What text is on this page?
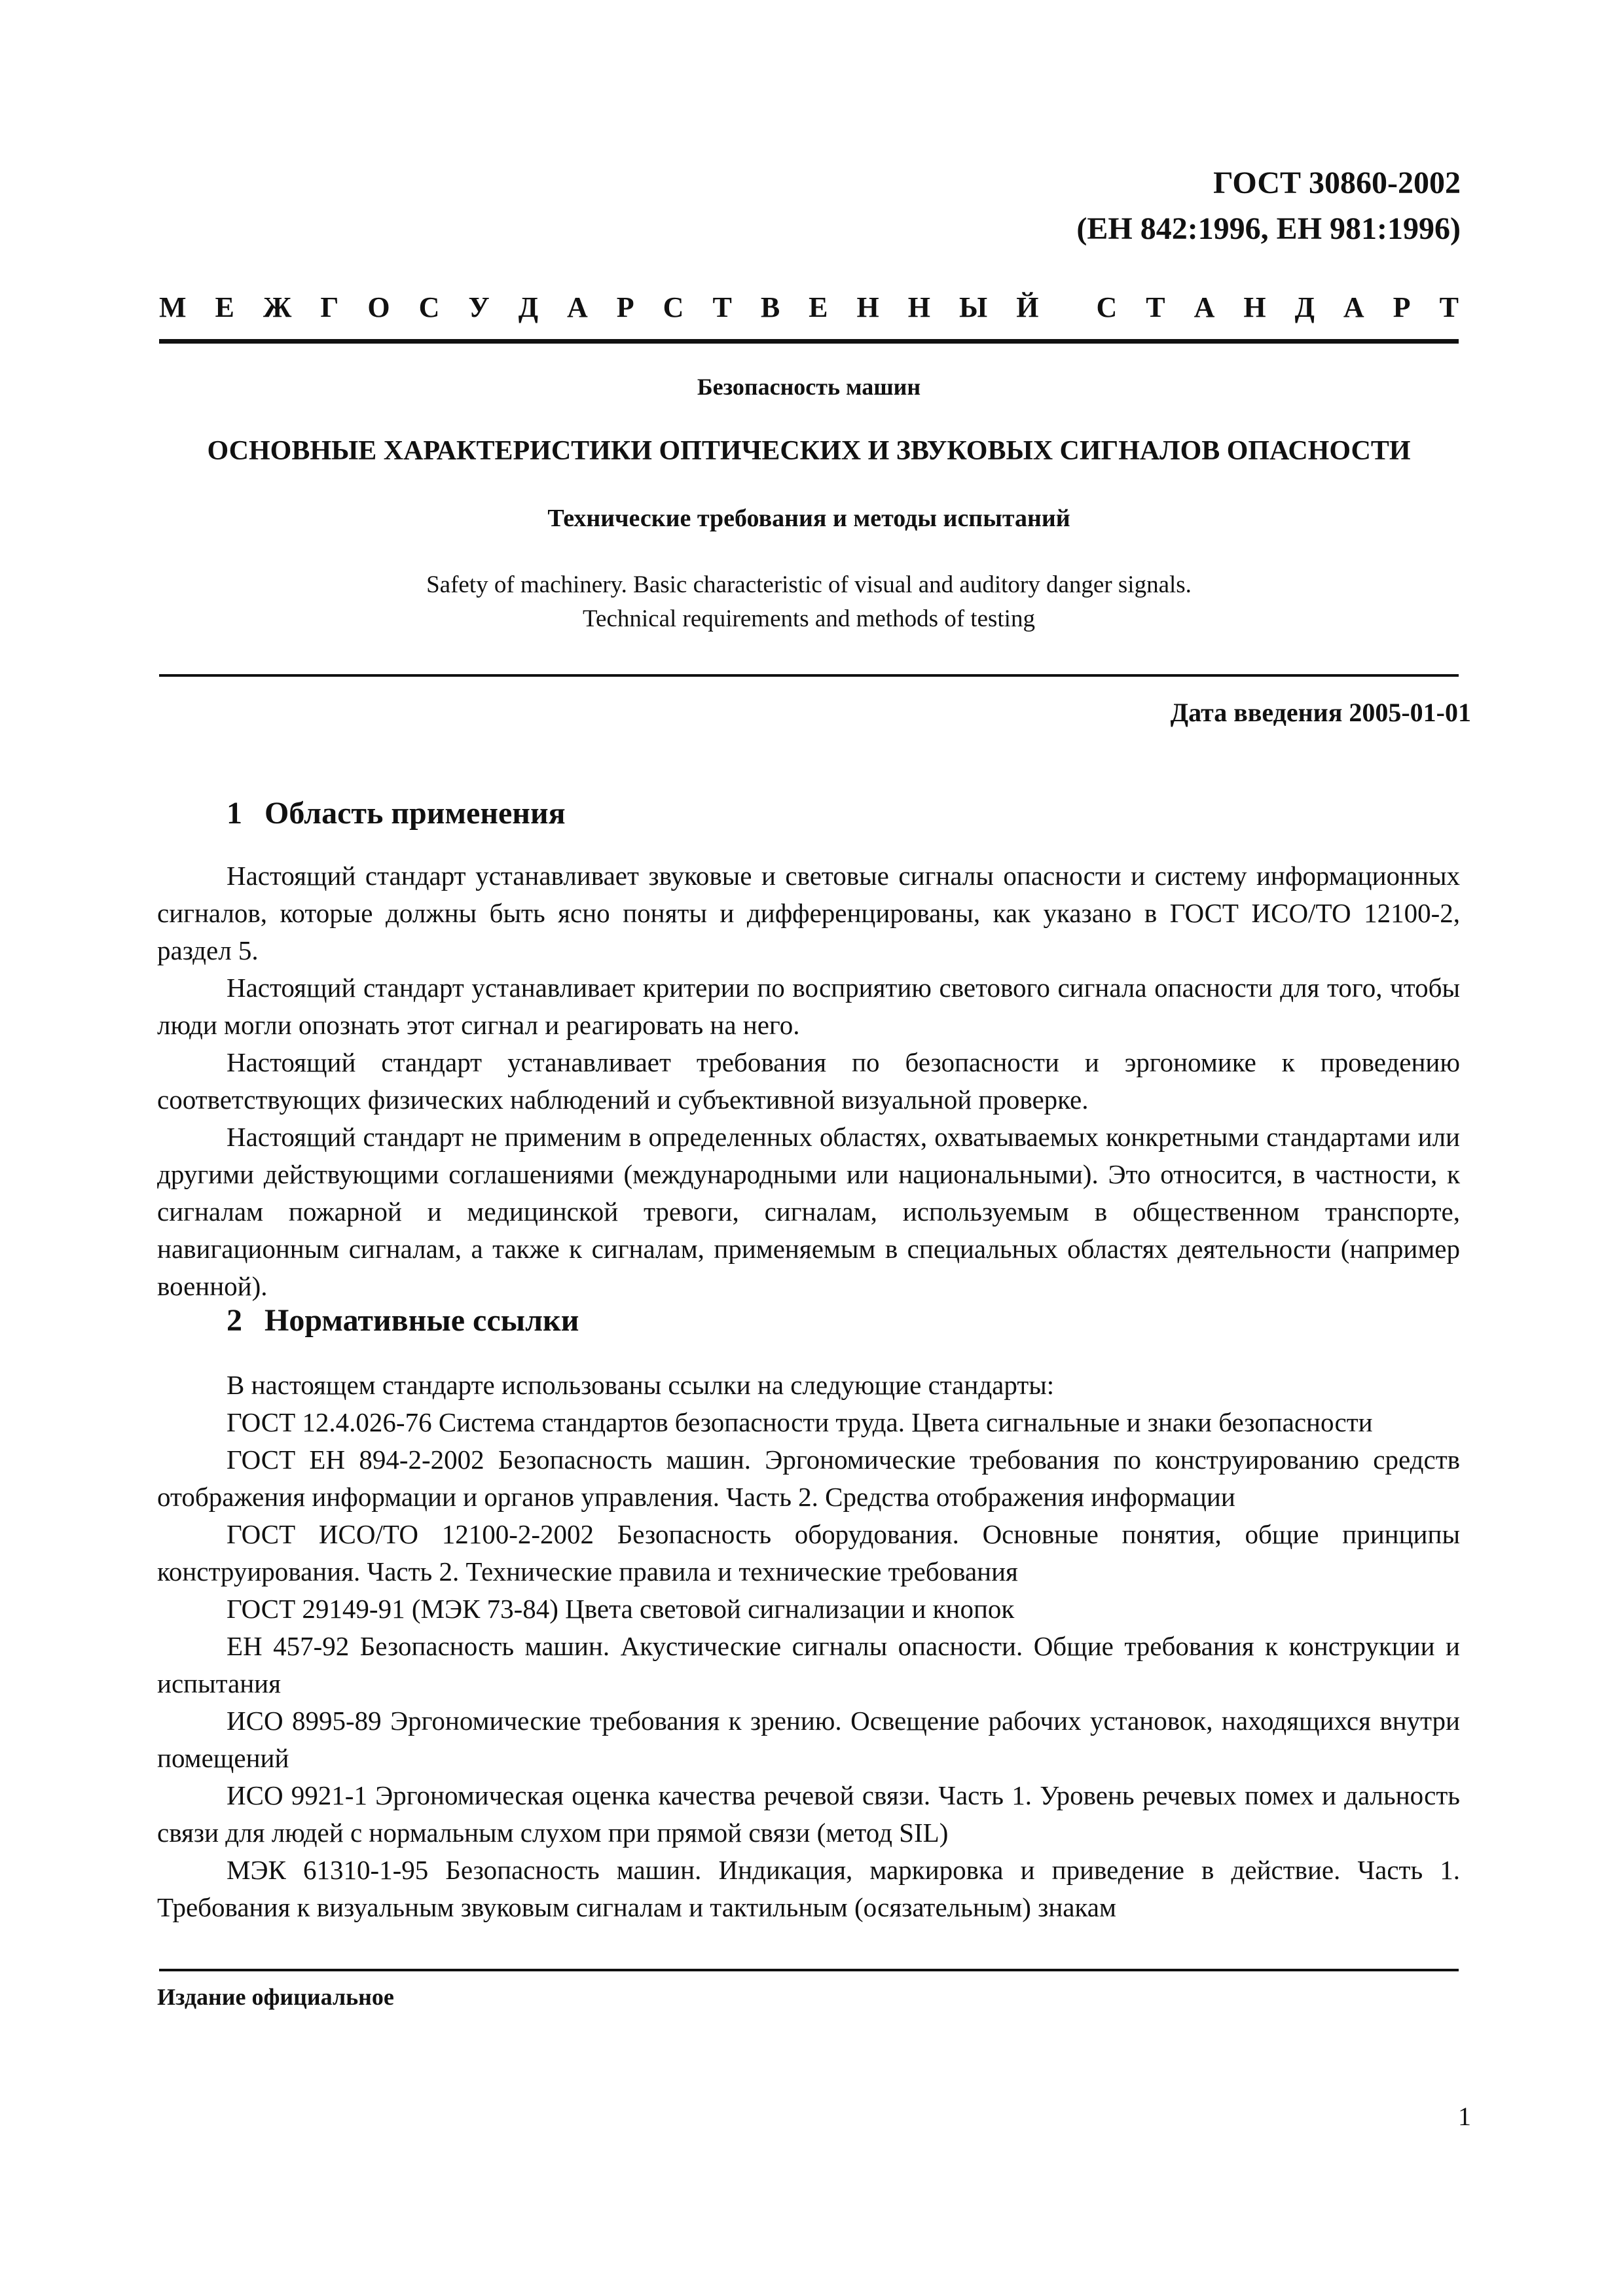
ГОСТ 30860-2002
(ЕН 842:1996, ЕН 981:1996)
М Е Ж Г О С У Д А Р С Т В Е Н Н Ы Й С Т А Н Д А Р Т
Безопасность машин
ОСНОВНЫЕ ХАРАКТЕРИСТИКИ ОПТИЧЕСКИХ И ЗВУКОВЫХ СИГНАЛОВ ОПАСНОСТИ
Технические требования и методы испытаний
Safety of machinery. Basic characteristic of visual and auditory danger signals.
Technical requirements and methods of testing
Дата введения 2005-01-01
1 Область применения

Настоящий стандарт устанавливает звуковые и световые сигналы опасности и систему информационных сигналов, которые должны быть ясно поняты и дифференцированы, как указано в ГОСТ ИСО/ТО 12100-2, раздел 5.

Настоящий стандарт устанавливает критерии по восприятию светового сигнала опасности для того, чтобы люди могли опознать этот сигнал и реагировать на него.

Настоящий стандарт устанавливает требования по безопасности и эргономике к проведению соответствующих физических наблюдений и субъективной визуальной проверке.

Настоящий стандарт не применим в определенных областях, охватываемых конкретными стандартами или другими действующими соглашениями (международными или национальными). Это относится, в частности, к сигналам пожарной и медицинской тревоги, сигналам, используемым в общественном транспорте, навигационным сигналам, а также к сигналам, применяемым в специальных областях деятельности (например военной).

2 Нормативные ссылки

В настоящем стандарте использованы ссылки на следующие стандарты:

ГОСТ 12.4.026-76 Система стандартов безопасности труда. Цвета сигнальные и знаки безопасности

ГОСТ ЕН 894-2-2002 Безопасность машин. Эргономические требования по конструированию средств отображения информации и органов управления. Часть 2. Средства отображения информации

ГОСТ ИСО/ТО 12100-2-2002 Безопасность оборудования. Основные понятия, общие принципы конструирования. Часть 2. Технические правила и технические требования

ГОСТ 29149-91 (МЭК 73-84) Цвета световой сигнализации и кнопок

ЕН 457-92 Безопасность машин. Акустические сигналы опасности. Общие требования к конструкции и испытания

ИСО 8995-89 Эргономические требования к зрению. Освещение рабочих установок, находящихся внутри помещений

ИСО 9921-1 Эргономическая оценка качества речевой связи. Часть 1. Уровень речевых помех и дальность связи для людей с нормальным слухом при прямой связи (метод SIL)

МЭК 61310-1-95 Безопасность машин. Индикация, маркировка и приведение в действие. Часть 1. Требования к визуальным звуковым сигналам и тактильным (осязательным) знакам

Издание официальное
1
